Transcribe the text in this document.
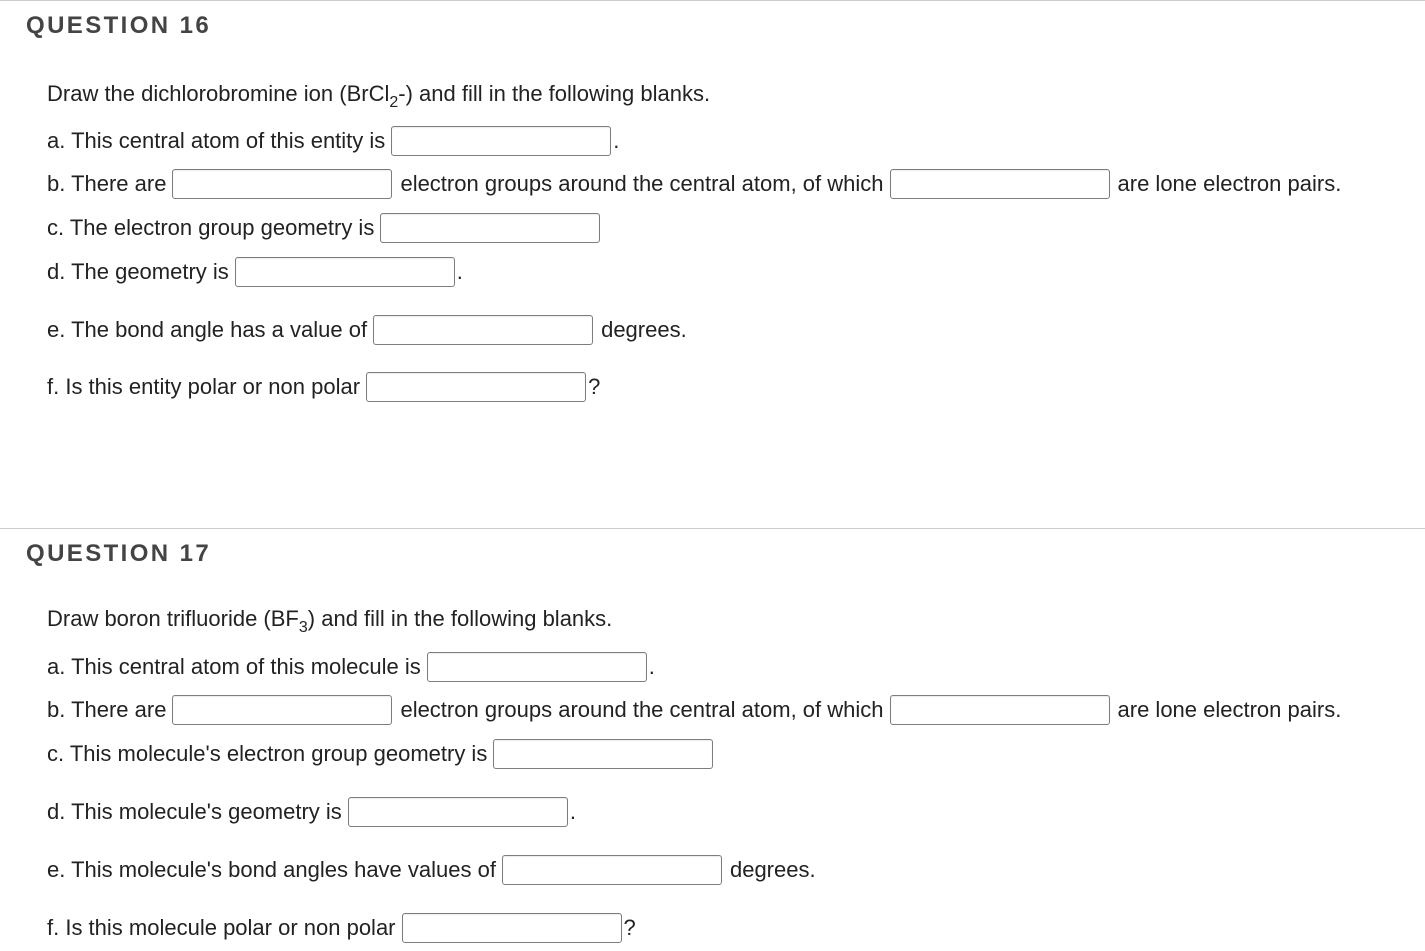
QUESTION 16
Draw the dichlorobromine ion (BrCl$_2$-) and fill in the following blanks.
a. This central atom of this entity is	.
b. There are	electron groups around the central atom, of which	are lone electron pairs.
c. The electron group geometry is
d. The geometry is	.
e. The bond angle has a value of	degrees.
f. Is this entity polar or non polar	?
QUESTION 17
Draw boron trifluoride $(BF_3)$ and fill in the following blanks.
a. This central atom of this molecule is	.
b. There are	electron groups around the central atom, of which	are lone electron pairs.
c. This molecule's electron group geometry is
d. This molecule's geometry is	.
e. This molecule's bond angles have values of	degrees.
f. Is this molecule polar or non polar	?
